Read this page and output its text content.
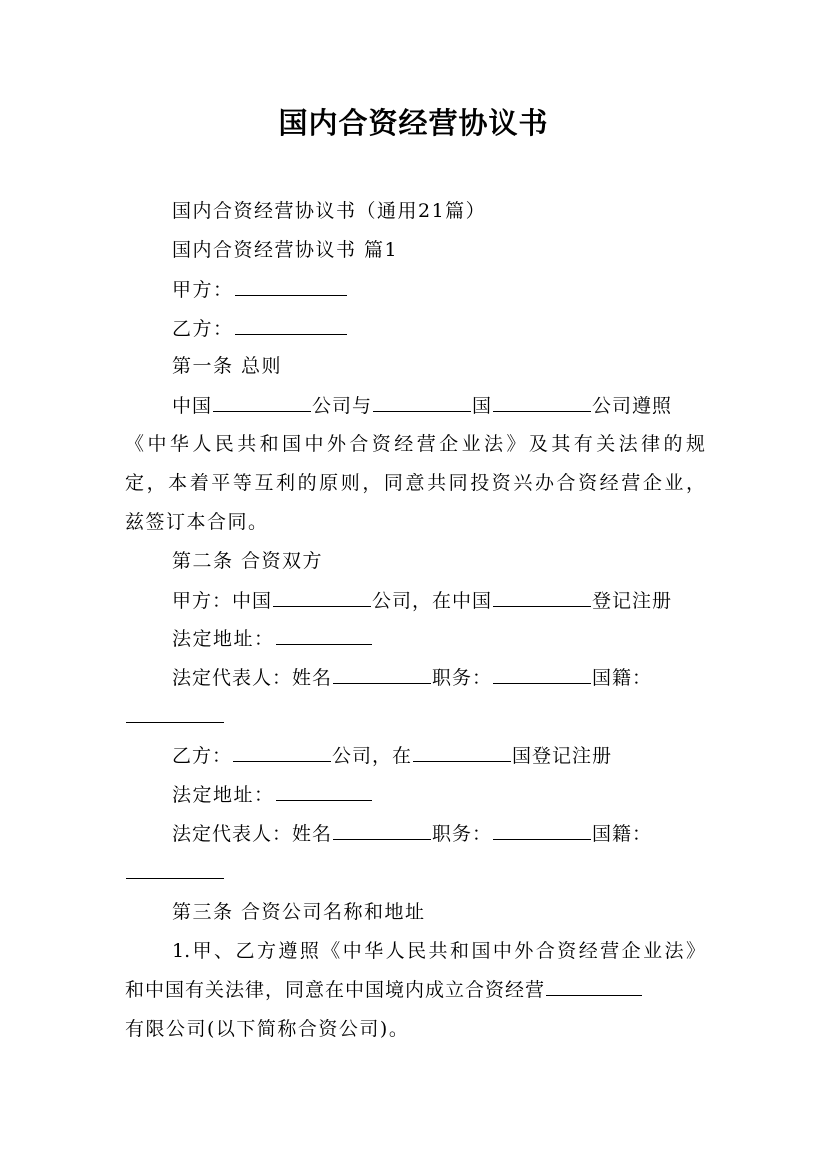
国内合资经营协议书
国内合资经营协议书（通用21篇）
国内合资经营协议书 篇1
甲方：
乙方：
第一条 总则
中国	公司与	国	公司遵照
《中华人民共和国中外合资经营企业法》及其有关法律的规
定，本着平等互利的原则，同意共同投资兴办合资经营企业，
兹签订本合同。
第二条 合资双方
甲方：中国	公司，在中国	登记注册
法定地址：
法定代表人：姓名	职务：	国籍：
乙方：	公司，在	国登记注册
法定地址：
法定代表人：姓名	职务：	国籍：
第三条 合资公司名称和地址
1.甲、乙方遵照《中华人民共和国中外合资经营企业法》
和中国有关法律，同意在中国境内成立合资经营
有限公司(以下简称合资公司)。
